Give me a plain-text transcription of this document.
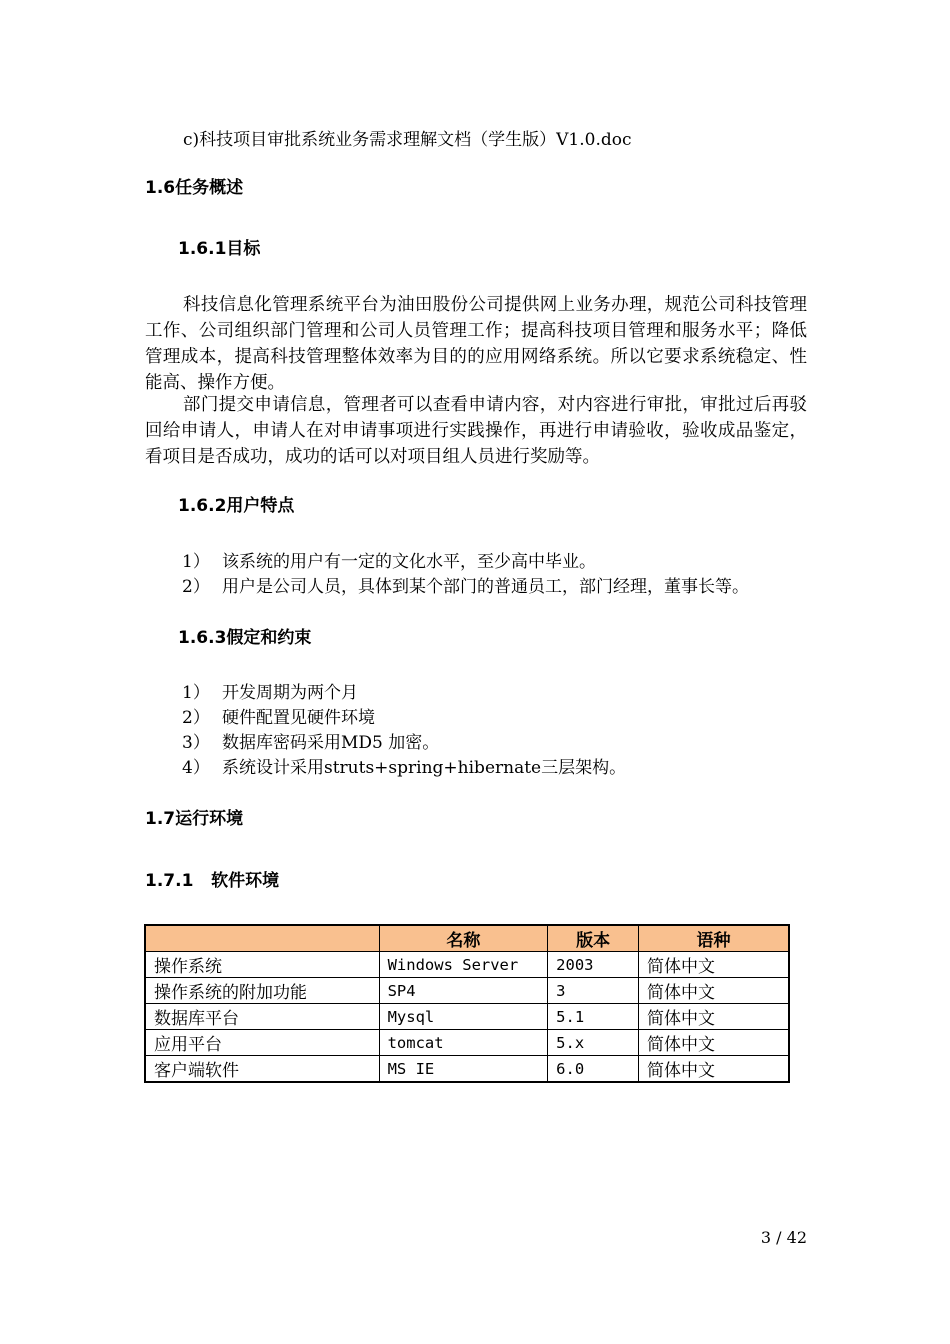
c)科技项目审批系统业务需求理解文档（学生版）V1.0.doc
1.6任务概述
1.6.1目标

科技信息化管理系统平台为油田股份公司提供网上业务办理，规范公司科技管理工作、公司组织部门管理和公司人员管理工作；提高科技项目管理和服务水平；降低管理成本，提高科技管理整体效率为目的的应用网络系统。所以它要求系统稳定、性能高、操作方便。

部门提交申请信息，管理者可以查看申请内容，对内容进行审批，审批过后再驳回给申请人，申请人在对申请事项进行实践操作，再进行申请验收，验收成品鉴定，看项目是否成功，成功的话可以对项目组人员进行奖励等。

1.6.2用户特点
1） 该系统的用户有一定的文化水平，至少高中毕业。
2） 用户是公司人员，具体到某个部门的普通员工，部门经理，董事长等。
1.6.3假定和约束
1） 开发周期为两个月
2） 硬件配置见硬件环境
3） 数据库密码采用MD5 加密。
4） 系统设计采用struts+spring+hibernate三层架构。
1.7运行环境
1.7.1   软件环境
	名称	版本	语种
操作系统	Windows Server	2003	简体中文
操作系统的附加功能	SP4	3	简体中文
数据库平台	Mysql	5.1	简体中文
应用平台	tomcat	5.x	简体中文
客户端软件	MS IE	6.0	简体中文
3 / 42
